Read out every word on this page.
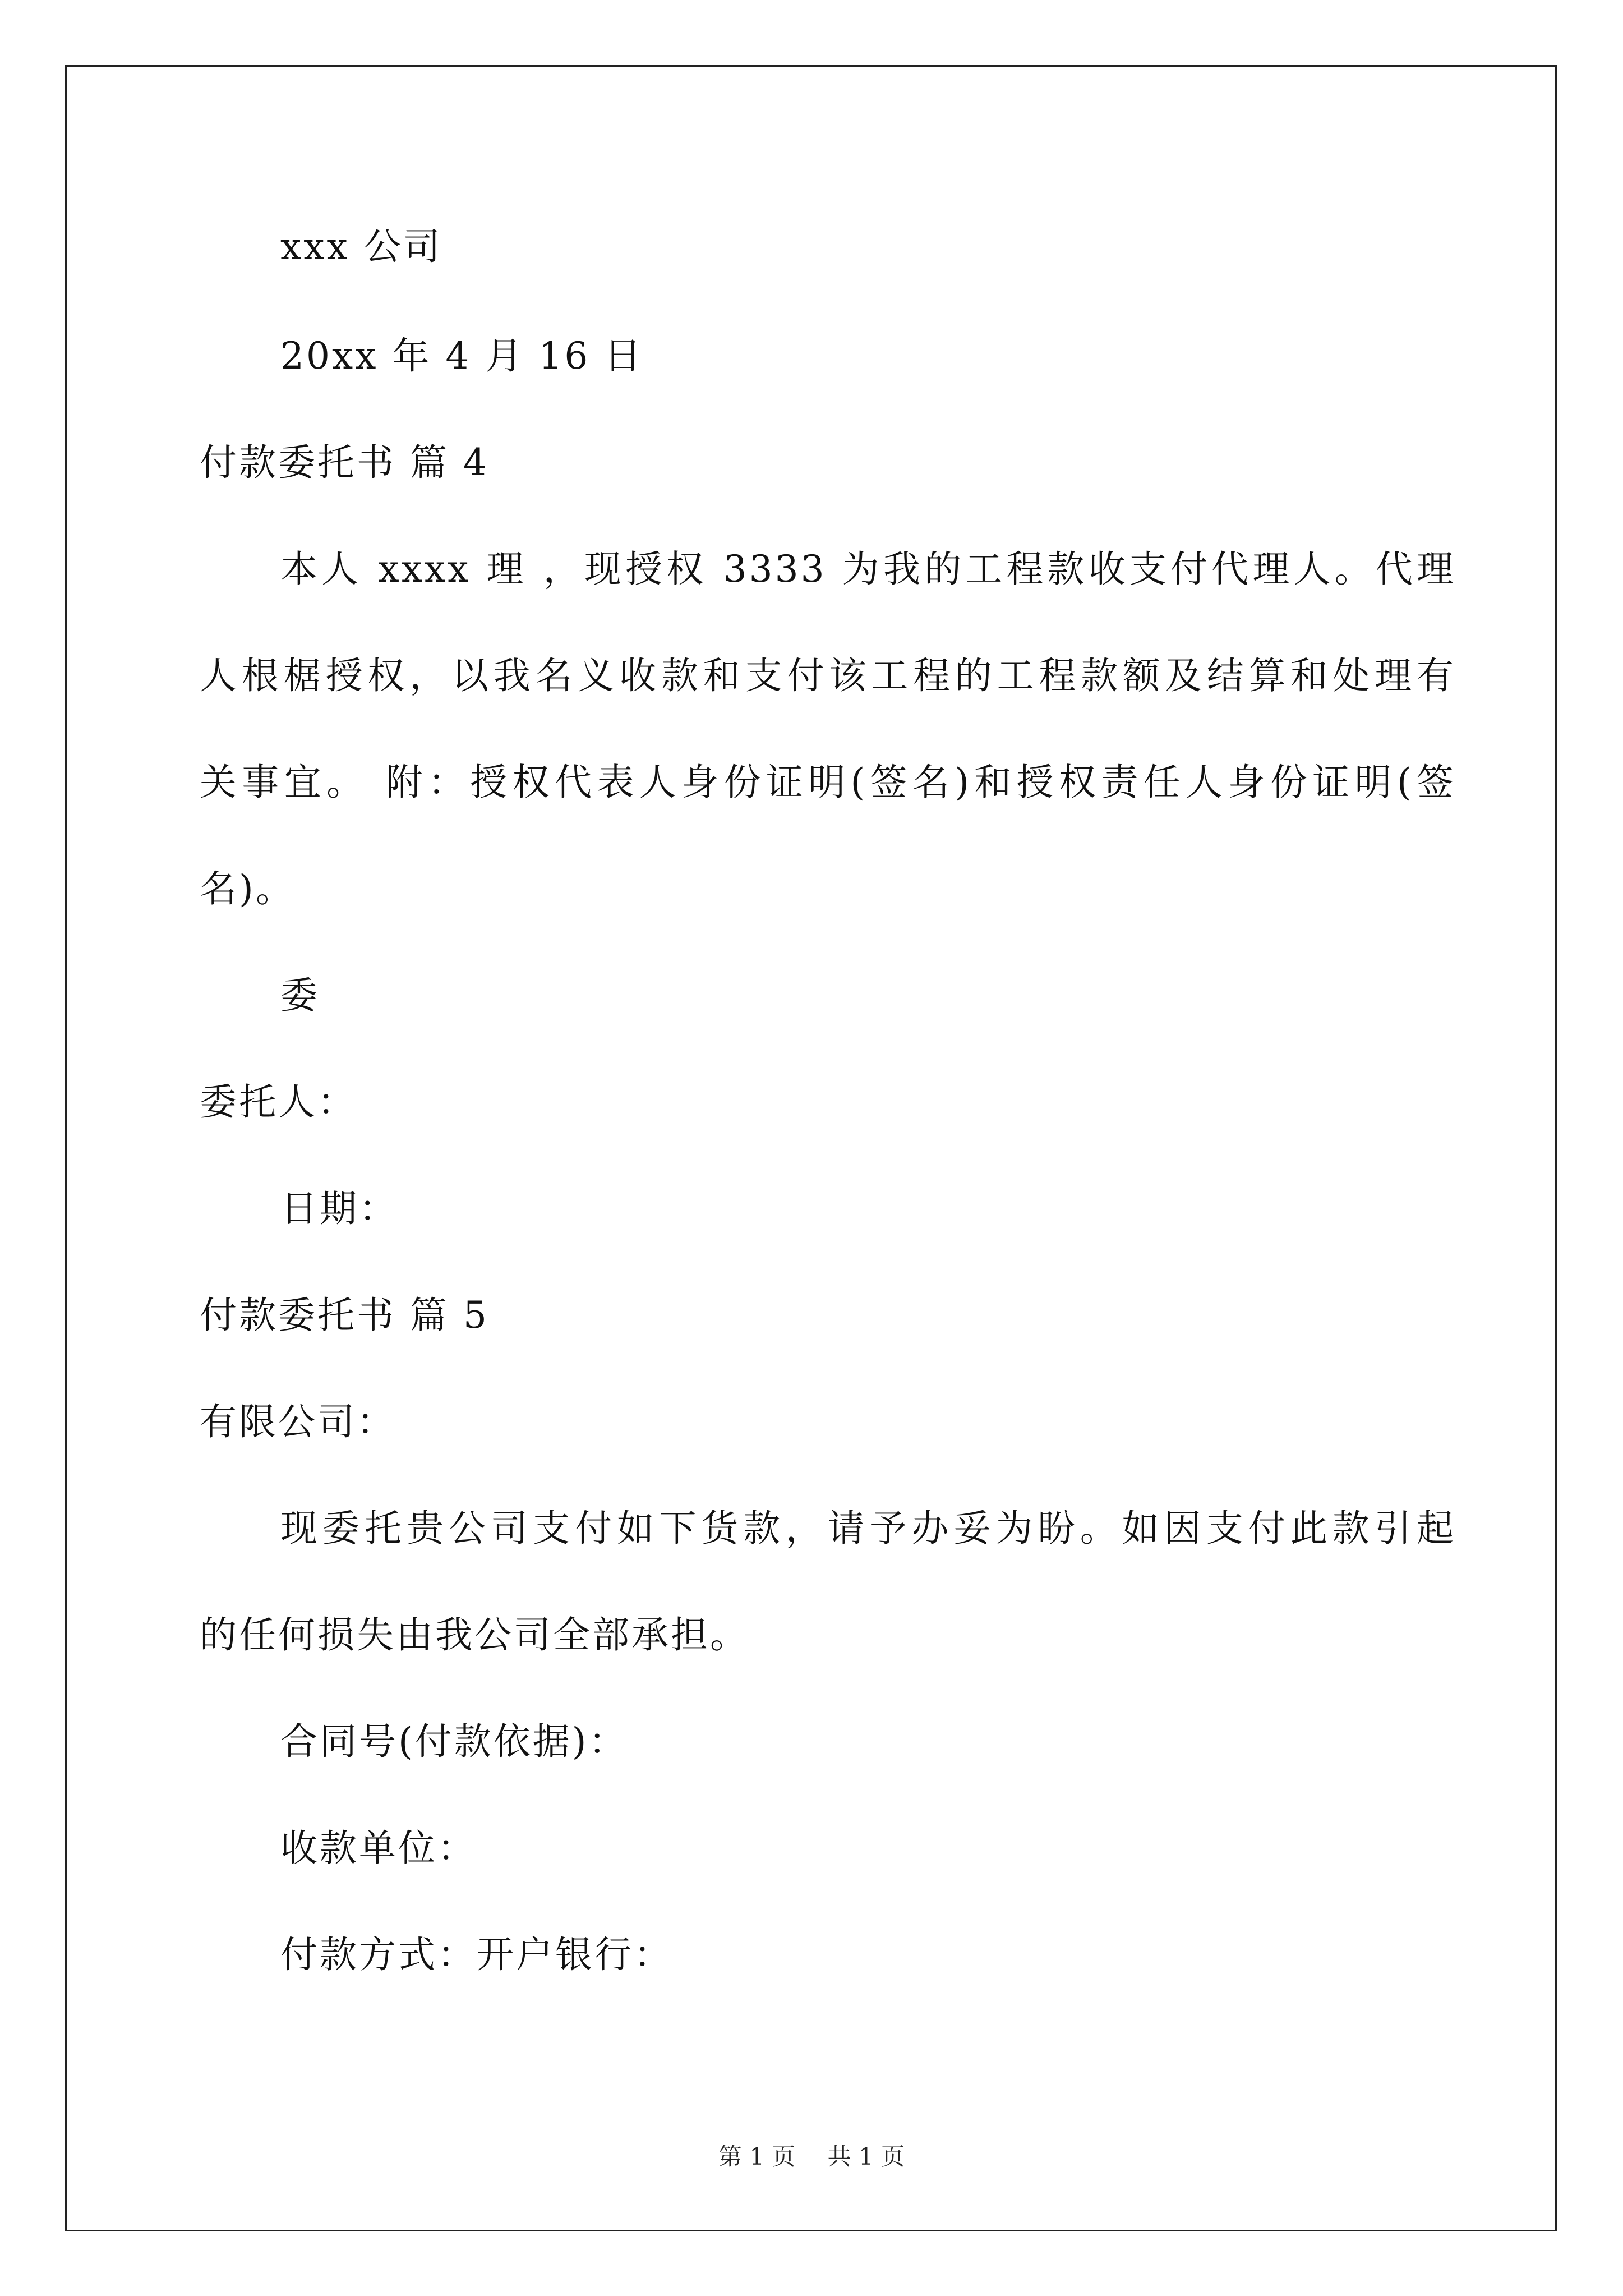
xxx 公司
20xx 年 4 月 16 日
付款委托书 篇 4
本人 xxxx 理 ，现授权 3333 为我的工程款收支付代理人。代理
人根椐授权，以我名义收款和支付该工程的工程款额及结算和处理有
关事宜。 附：授权代表人身份证明(签名)和授权责任人身份证明(签
名)。
委
委托人：
日期：
付款委托书 篇 5
有限公司：
现委托贵公司支付如下货款，请予办妥为盼。如因支付此款引起
的任何损失由我公司全部承担。
合同号(付款依据)：
收款单位：
付款方式：开户银行：
第 1 页 共 1 页
